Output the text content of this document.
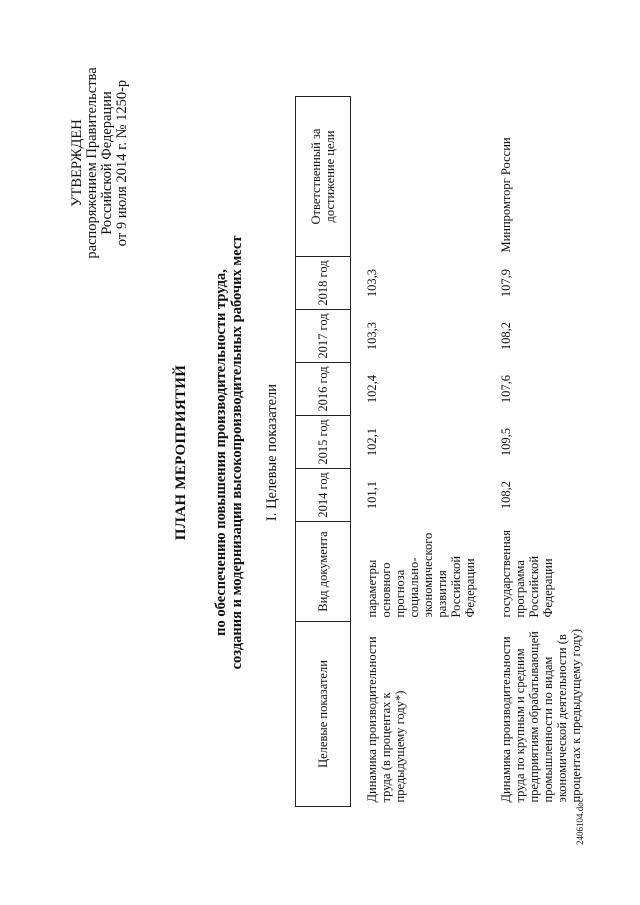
УТВЕРЖДЕН распоряжением Правительства Российской Федерации от 9 июля 2014 г. № 1250-р
ПЛАН МЕРОПРИЯТИЙ по обеспечению повышения производительности труда, создания и модернизации высокопроизводительных рабочих мест I. Целевые показатели
Целевые показатели	Вид документа	2014 год	2015 год	2016 год	2017 год	2018 год	Ответственный за достижение цели
Динамика производительности труда (в процентах к предыдущему году*)	параметры основного прогноза социально-экономического развития Российской Федерации	101,1	102,1	102,4	103,3	103,3	
Динамика производительности труда по крупным и средним предприятиям обрабатывающей промышленности по видам экономической деятельности (в процентах к предыдущему году)	государственная программа Российской Федерации	108,2	109,5	107,6	108,2	107,9	Минпромторг России
2406104.doc
